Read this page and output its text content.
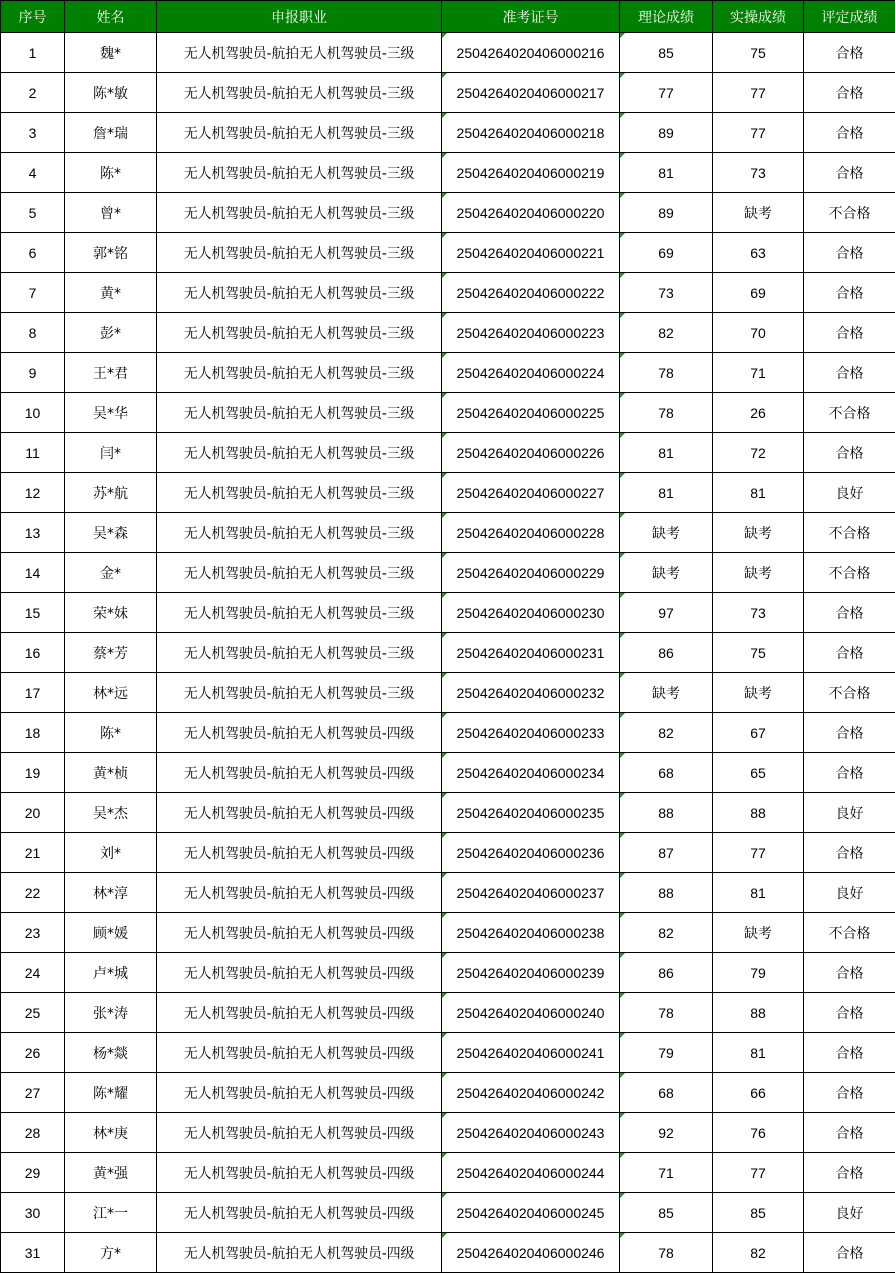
序号	姓名	申报职业	准考证号	理论成绩	实操成绩	评定成绩
1	魏*	无人机驾驶员-航拍无人机驾驶员-三级	2504264020406000216	85	75	合格
2	陈*敏	无人机驾驶员-航拍无人机驾驶员-三级	2504264020406000217	77	77	合格
3	詹*瑞	无人机驾驶员-航拍无人机驾驶员-三级	2504264020406000218	89	77	合格
4	陈*	无人机驾驶员-航拍无人机驾驶员-三级	2504264020406000219	81	73	合格
5	曾*	无人机驾驶员-航拍无人机驾驶员-三级	2504264020406000220	89	缺考	不合格
6	郭*铭	无人机驾驶员-航拍无人机驾驶员-三级	2504264020406000221	69	63	合格
7	黄*	无人机驾驶员-航拍无人机驾驶员-三级	2504264020406000222	73	69	合格
8	彭*	无人机驾驶员-航拍无人机驾驶员-三级	2504264020406000223	82	70	合格
9	王*君	无人机驾驶员-航拍无人机驾驶员-三级	2504264020406000224	78	71	合格
10	吴*华	无人机驾驶员-航拍无人机驾驶员-三级	2504264020406000225	78	26	不合格
11	闫*	无人机驾驶员-航拍无人机驾驶员-三级	2504264020406000226	81	72	合格
12	苏*航	无人机驾驶员-航拍无人机驾驶员-三级	2504264020406000227	81	81	良好
13	吴*森	无人机驾驶员-航拍无人机驾驶员-三级	2504264020406000228	缺考	缺考	不合格
14	金*	无人机驾驶员-航拍无人机驾驶员-三级	2504264020406000229	缺考	缺考	不合格
15	荣*妹	无人机驾驶员-航拍无人机驾驶员-三级	2504264020406000230	97	73	合格
16	蔡*芳	无人机驾驶员-航拍无人机驾驶员-三级	2504264020406000231	86	75	合格
17	林*远	无人机驾驶员-航拍无人机驾驶员-三级	2504264020406000232	缺考	缺考	不合格
18	陈*	无人机驾驶员-航拍无人机驾驶员-四级	2504264020406000233	82	67	合格
19	黄*桢	无人机驾驶员-航拍无人机驾驶员-四级	2504264020406000234	68	65	合格
20	吴*杰	无人机驾驶员-航拍无人机驾驶员-四级	2504264020406000235	88	88	良好
21	刘*	无人机驾驶员-航拍无人机驾驶员-四级	2504264020406000236	87	77	合格
22	林*淳	无人机驾驶员-航拍无人机驾驶员-四级	2504264020406000237	88	81	良好
23	顾*媛	无人机驾驶员-航拍无人机驾驶员-四级	2504264020406000238	82	缺考	不合格
24	卢*城	无人机驾驶员-航拍无人机驾驶员-四级	2504264020406000239	86	79	合格
25	张*涛	无人机驾驶员-航拍无人机驾驶员-四级	2504264020406000240	78	88	合格
26	杨*燚	无人机驾驶员-航拍无人机驾驶员-四级	2504264020406000241	79	81	合格
27	陈*耀	无人机驾驶员-航拍无人机驾驶员-四级	2504264020406000242	68	66	合格
28	林*庚	无人机驾驶员-航拍无人机驾驶员-四级	2504264020406000243	92	76	合格
29	黄*强	无人机驾驶员-航拍无人机驾驶员-四级	2504264020406000244	71	77	合格
30	江*一	无人机驾驶员-航拍无人机驾驶员-四级	2504264020406000245	85	85	良好
31	方*	无人机驾驶员-航拍无人机驾驶员-四级	2504264020406000246	78	82	合格
